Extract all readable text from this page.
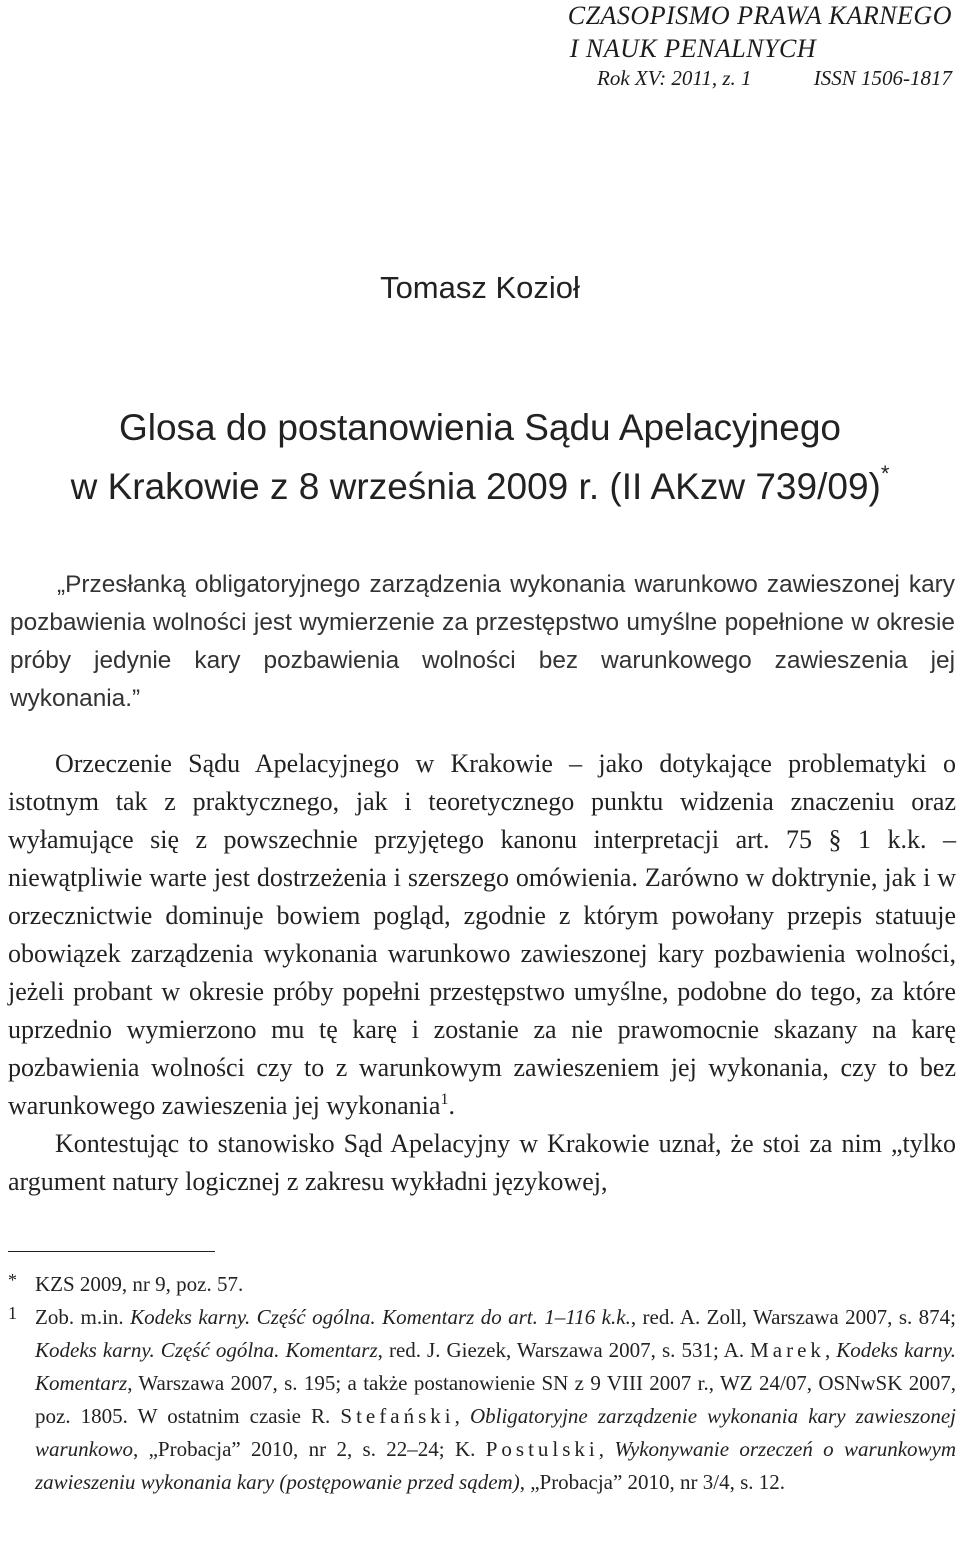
CZASOPISMO PRAWA KARNEGO
I NAUK PENALNYCH
Rok XV: 2011, z. 1	ISSN 1506-1817
Tomasz Kozioł
Glosa do postanowienia Sądu Apelacyjnego
w Krakowie z 8 września 2009 r. (II AKzw 739/09)*

„Przesłanką obligatoryjnego zarządzenia wykonania warunkowo zawieszonej kary pozbawienia wolności jest wymierzenie za przestępstwo umyślne popełnione w okresie próby jedynie kary pozbawienia wolności bez warunkowego zawieszenia jej wykonania.”

Orzeczenie Sądu Apelacyjnego w Krakowie – jako dotykające problematyki o istotnym tak z praktycznego, jak i teoretycznego punktu widzenia znaczeniu oraz wyłamujące się z powszechnie przyjętego kanonu interpretacji art. 75 § 1 k.k. – niewątpliwie warte jest dostrzeżenia i szerszego omówienia. Zarówno w doktrynie, jak i w orzecznictwie dominuje bowiem pogląd, zgodnie z którym powołany przepis statuuje obowiązek zarządzenia wykonania warunkowo zawieszonej kary pozbawienia wolności, jeżeli probant w okresie próby popełni przestępstwo umyślne, podobne do tego, za które uprzednio wymierzono mu tę karę i zostanie za nie prawomocnie skazany na karę pozbawienia wolności czy to z warunkowym zawieszeniem jej wykonania, czy to bez warunkowego zawieszenia jej wykonania$^1$.

Kontestując to stanowisko Sąd Apelacyjny w Krakowie uznał, że stoi za nim „tylko argument natury logicznej z zakresu wykładni językowej,

* KZS 2009, nr 9, poz. 57.
1 Zob. m.in. Kodeks karny. Część ogólna. Komentarz do art. 1–116 k.k., red. A. Zoll, Warszawa 2007, s. 874; Kodeks karny. Część ogólna. Komentarz, red. J. Giezek, Warszawa 2007, s. 531; A. Marek, Kodeks karny. Komentarz, Warszawa 2007, s. 195; a także postanowienie SN z 9 VIII 2007 r., WZ 24/07, OSNwSK 2007, poz. 1805. W ostatnim czasie R. Stefański, Obligatoryjne zarządzenie wykonania kary zawieszonej warunkowo, „Probacja” 2010, nr 2, s. 22–24; K. Postulski, Wykonywanie orzeczeń o warunkowym zawieszeniu wykonania kary (postępowanie przed sądem), „Probacja” 2010, nr 3/4, s. 12.
